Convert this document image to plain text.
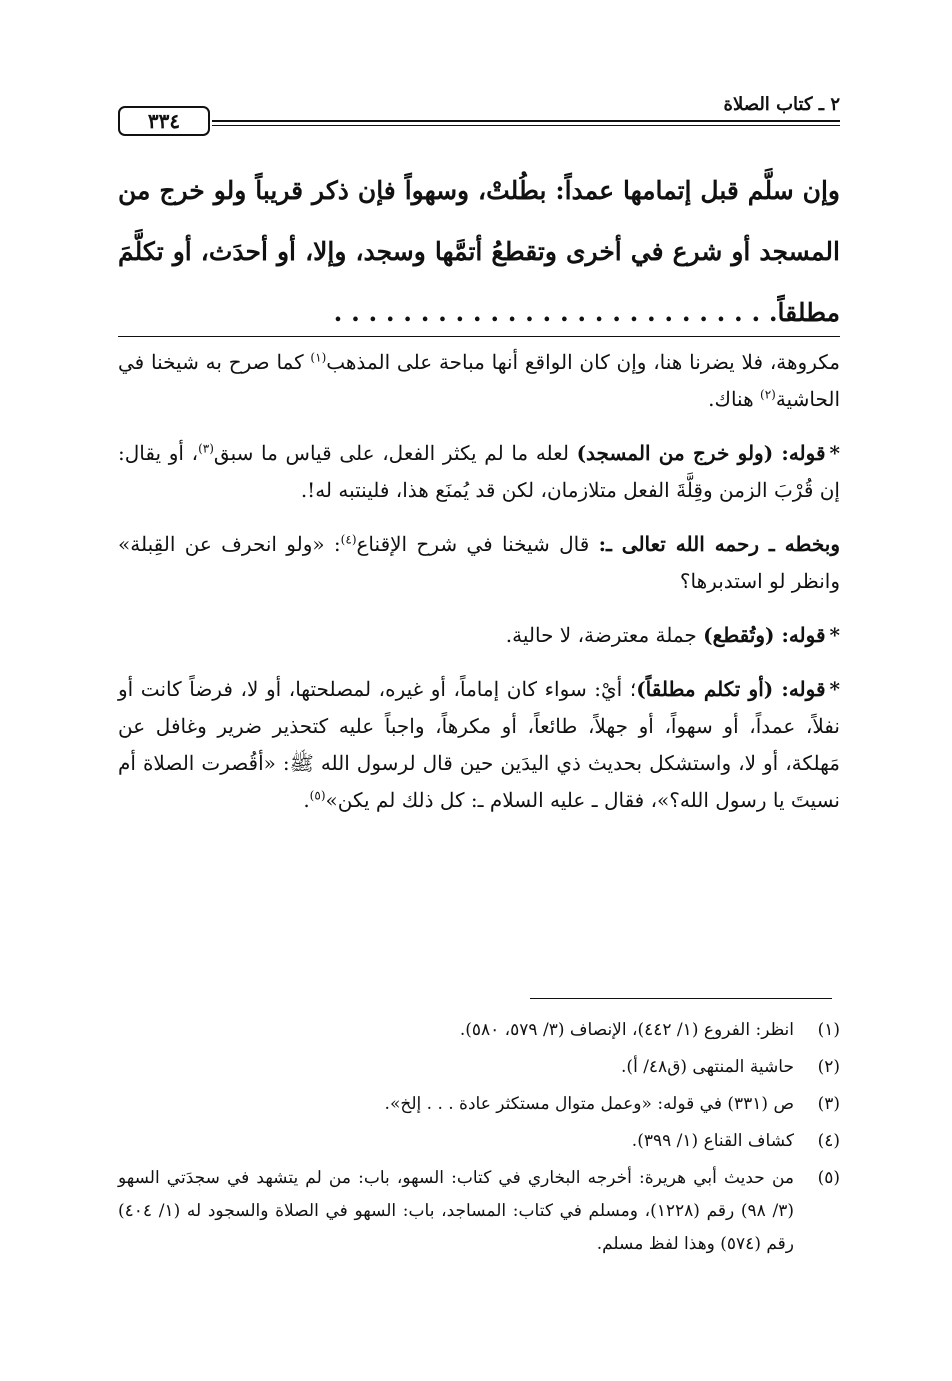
٣٣٤
٢ ـ كتاب الصلاة

وإن سلَّم قبل إتمامها عمداً: بطُلتْ، وسهواً فإن ذكر قريباً ولو خرج من المسجد أو شرع في أخرى وتقطعُ أتمَّها وسجد، وإلا، أو أحدَث، أو تكلَّمَ مطلقاً. . . . . . . . . . . . . . . . . . . . . . . . . .

مكروهة، فلا يضرنا هنا، وإن كان الواقع أنها مباحة على المذهب$^{(١)}$ كما صرح به شيخنا في الحاشية$^{(٢)}$ هناك.

*قوله: (ولو خرج من المسجد) لعله ما لم يكثر الفعل، على قياس ما سبق$^{(٣)}$، أو يقال: إن قُرْبَ الزمن وقِلَّةَ الفعل متلازمان، لكن قد يُمنَع هذا، فلينتبه له!.

وبخطه ـ رحمه الله تعالى ـ: قال شيخنا في شرح الإقناع$^{(٤)}$: «ولو انحرف عن القِبلة» وانظر لو استدبرها؟

*قوله: (وتُقطع) جملة معترضة، لا حالية.

*قوله: (أو تكلم مطلقاً)؛ أيْ: سواء كان إماماً، أو غيره، لمصلحتها، أو لا، فرضاً كانت أو نفلاً، عمداً، أو سهواً، أو جهلاً، طائعاً، أو مكرهاً، واجباً عليه كتحذير ضرير وغافل عن مَهلكة، أو لا، واستشكل بحديث ذي اليدَين حين قال لرسول الله ﷺ: «أقُصرت الصلاة أم نسيتَ يا رسول الله؟»، فقال ـ عليه السلام ـ: كل ذلك لم يكن»$^{(٥)}$.

(١)
انظر: الفروع (١/ ٤٤٢)، الإنصاف (٣/ ٥٧٩، ٥٨٠).
(٢)
حاشية المنتهى (ق٤٨/ أ).
(٣)
ص (٣٣١) في قوله: «وعمل متوال مستكثر عادة . . . إلخ».
(٤)
كشاف القناع (١/ ٣٩٩).
(٥)
من حديث أبي هريرة: أخرجه البخاري في كتاب: السهو، باب: من لم يتشهد في سجدَتي السهو (٣/ ٩٨) رقم (١٢٢٨)، ومسلم في كتاب: المساجد، باب: السهو في الصلاة والسجود له (١/ ٤٠٤) رقم (٥٧٤) وهذا لفظ مسلم.
